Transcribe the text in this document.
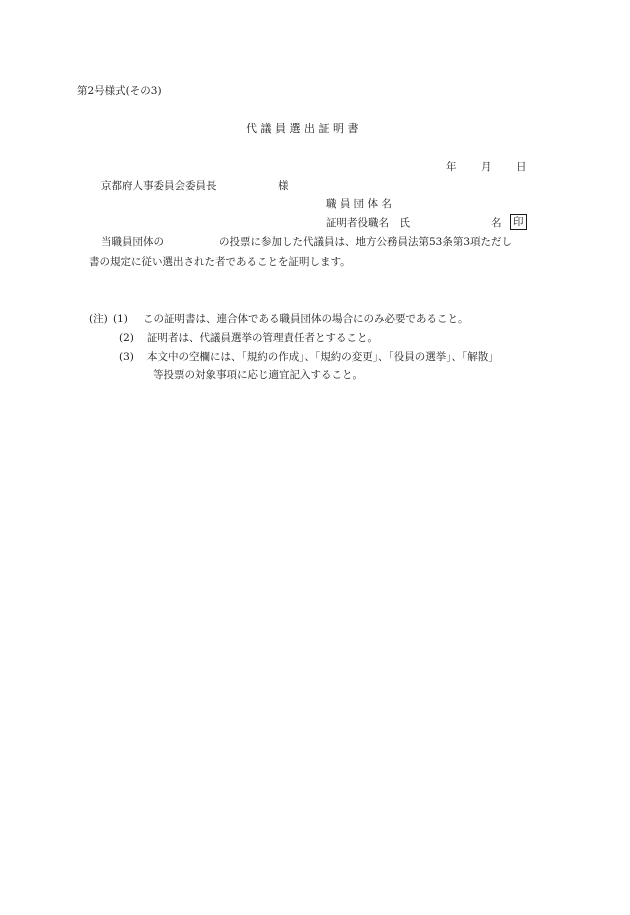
第2号様式(その3)
代 議 員 選 出 証 明 書
年 月 日
京都府人事委員会委員長	様
職 員 団 体 名
証明者役職名　氏	名 印
当職員団体の	の投票に参加した代議員は、地方公務員法第53条第3項ただし
書の規定に従い選出された者であることを証明します。
(注) (1) この証明書は、連合体である職員団体の場合にのみ必要であること。
(2) 証明者は、代議員選挙の管理責任者とすること。
(3) 本文中の空欄には、「規約の作成」、「規約の変更」、「役員の選挙」、「解散」
等投票の対象事項に応じ適宜記入すること。
